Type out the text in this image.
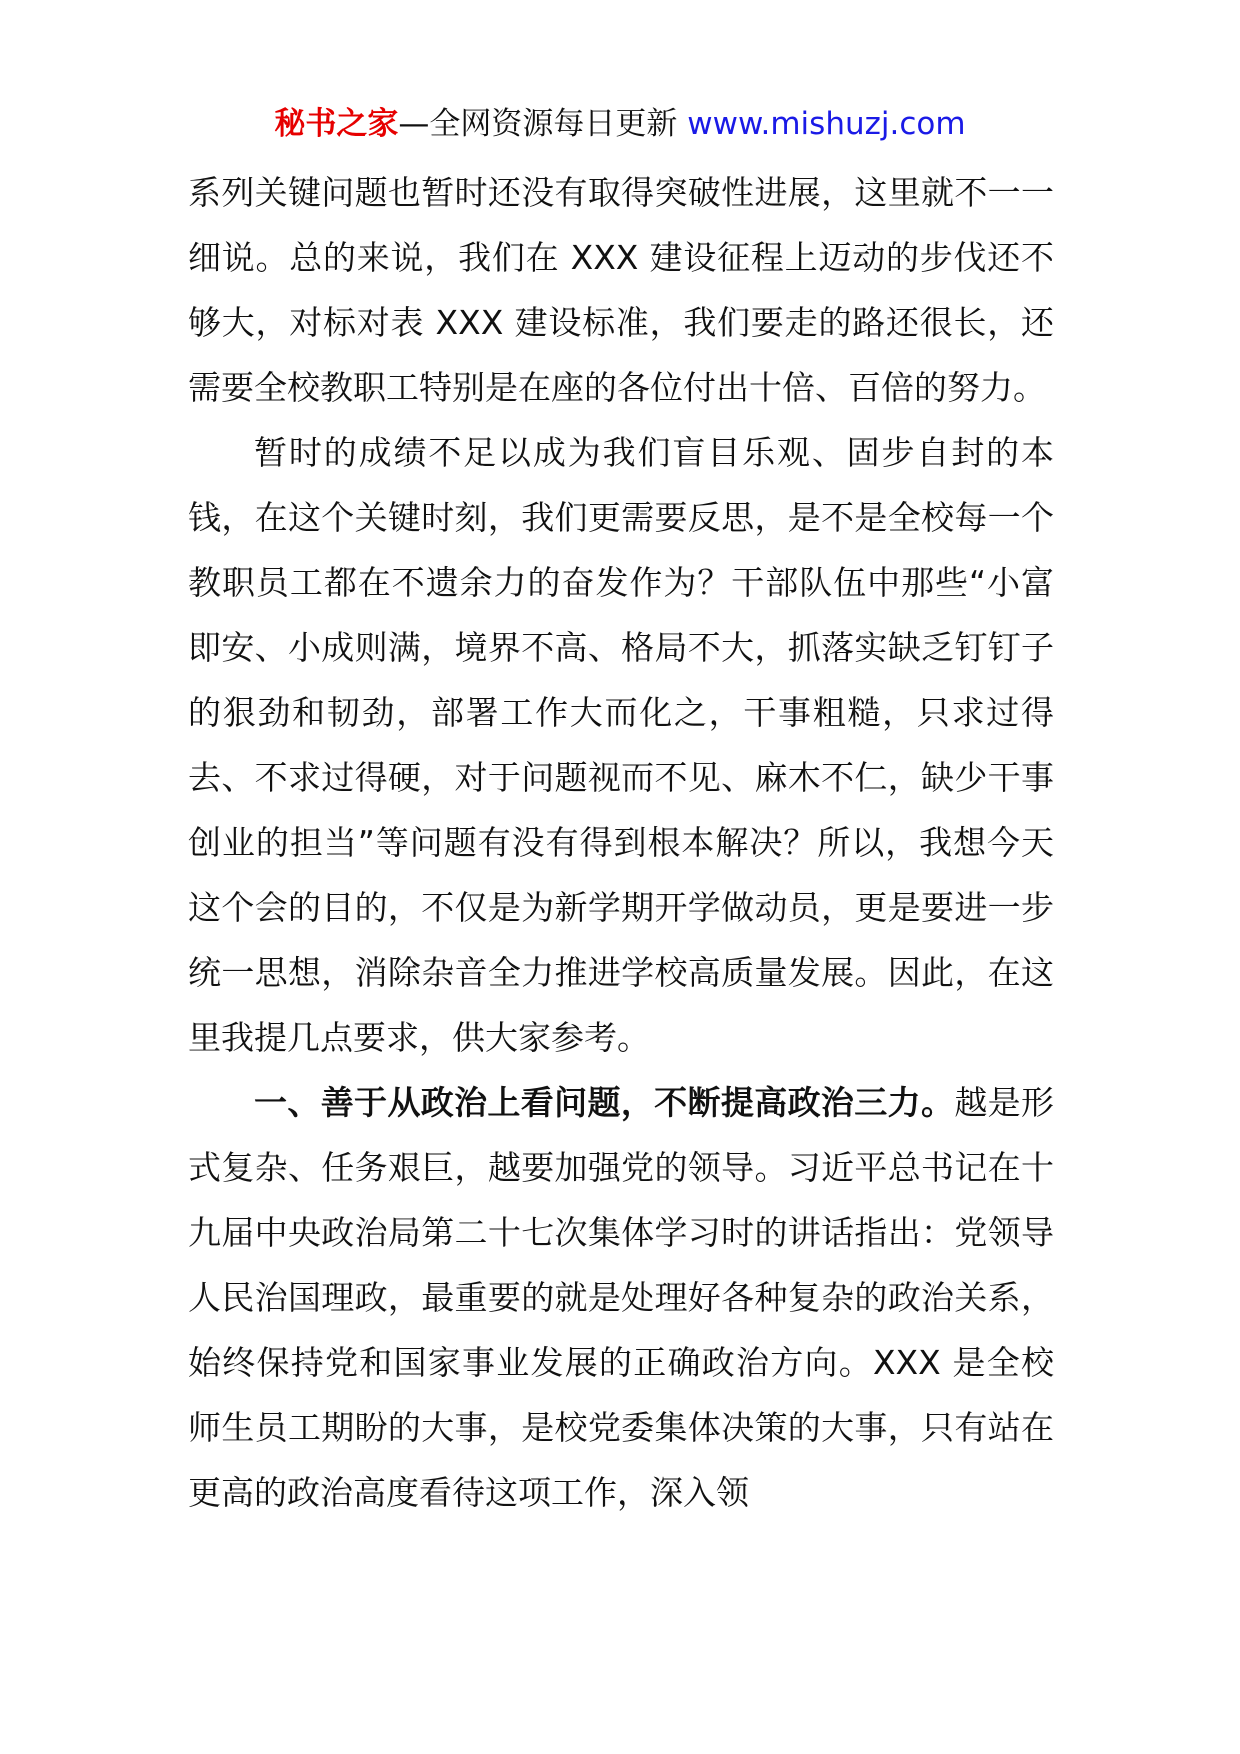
秘书之家—全网资源每日更新 www.mishuzj.com

系列关键问题也暂时还没有取得突破性进展，这里就不一一细说。总的来说，我们在 XXX 建设征程上迈动的步伐还不够大，对标对表 XXX 建设标准，我们要走的路还很长，还需要全校教职工特别是在座的各位付出十倍、百倍的努力。

暂时的成绩不足以成为我们盲目乐观、固步自封的本钱，在这个关键时刻，我们更需要反思，是不是全校每一个教职员工都在不遗余力的奋发作为？干部队伍中那些“小富即安、小成则满，境界不高、格局不大，抓落实缺乏钉钉子的狠劲和韧劲，部署工作大而化之，干事粗糙，只求过得去、不求过得硬，对于问题视而不见、麻木不仁，缺少干事创业的担当”等问题有没有得到根本解决？所以，我想今天这个会的目的，不仅是为新学期开学做动员，更是要进一步统一思想，消除杂音全力推进学校高质量发展。因此，在这里我提几点要求，供大家参考。

一、善于从政治上看问题，不断提高政治三力。越是形式复杂、任务艰巨，越要加强党的领导。习近平总书记在十九届中央政治局第二十七次集体学习时的讲话指出：党领导人民治国理政，最重要的就是处理好各种复杂的政治关系，始终保持党和国家事业发展的正确政治方向。XXX 是全校师生员工期盼的大事，是校党委集体决策的大事，只有站在更高的政治高度看待这项工作，深入领
